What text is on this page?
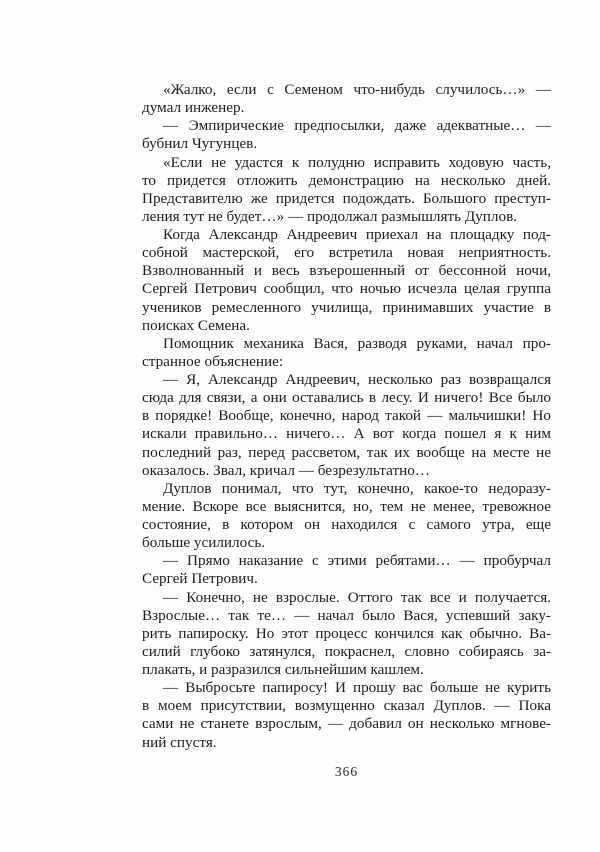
«Жалко, если с Семеном что-нибудь случилось…» —
думал инженер.
— Эмпирические предпосылки, даже адекватные… —
бубнил Чугунцев.
«Если не удастся к полудню исправить ходовую часть,
то придется отложить демонстрацию на несколько дней.
Представителю же придется подождать. Большого преступ-
ления тут не будет…» — продолжал размышлять Дуплов.
Когда Александр Андреевич приехал на площадку под-
собной мастерской, его встретила новая неприятность.
Взволнованный и весь взъерошенный от бессонной ночи,
Сергей Петрович сообщил, что ночью исчезла целая группа
учеников ремесленного училища, принимавших участие в
поисках Семена.
Помощник механика Вася, разводя руками, начал про-
странное объяснение:
— Я, Александр Андреевич, несколько раз возвращался
сюда для связи, а они оставались в лесу. И ничего! Все было
в порядке! Вообще, конечно, народ такой — мальчишки! Но
искали правильно… ничего… А вот когда пошел я к ним
последний раз, перед рассветом, так их вообще на месте не
оказалось. Звал, кричал — безрезультатно…
Дуплов понимал, что тут, конечно, какое-то недоразу-
мение. Вскоре все выяснится, но, тем не менее, тревожное
состояние, в котором он находился с самого утра, еще
больше усилилось.
— Прямо наказание с этими ребятами… — пробурчал
Сергей Петрович.
— Конечно, не взрослые. Оттого так все и получается.
Взрослые… так те… — начал было Вася, успевший заку-
рить папироску. Но этот процесс кончился как обычно. Ва-
силий глубоко затянулся, покраснел, словно собираясь за-
плакать, и разразился сильнейшим кашлем.
— Выбросьте папиросу! И прошу вас больше не курить
в моем присутствии, возмущенно сказал Дуплов. — Пока
сами не станете взрослым, — добавил он несколько мгнове-
ний спустя.
366
